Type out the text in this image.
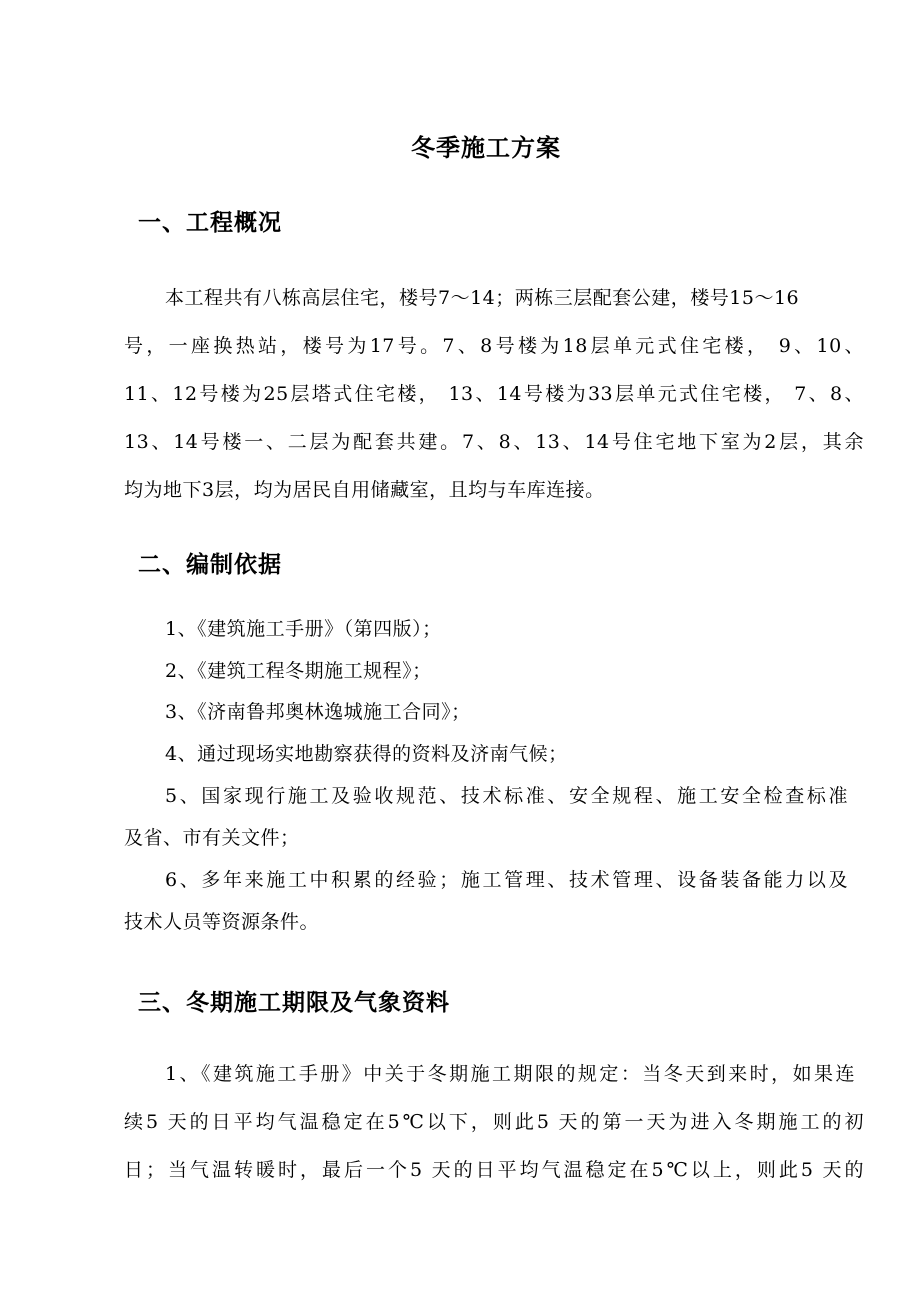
冬季施工方案
一、工程概况
本工程共有八栋高层住宅，楼号7～14；两栋三层配套公建，楼号15～16
号，一座换热站，楼号为17号。7、8号楼为18层单元式住宅楼， 9、10、
11、12号楼为25层塔式住宅楼， 13、14号楼为33层单元式住宅楼， 7、8、
13、14号楼一、二层为配套共建。7、8、13、14号住宅地下室为2层，其余
均为地下3层，均为居民自用储藏室，且均与车库连接。
二、编制依据
1、《建筑施工手册》（第四版）；
2、《建筑工程冬期施工规程》；
3、《济南鲁邦奥林逸城施工合同》；
4、通过现场实地勘察获得的资料及济南气候；
5、国家现行施工及验收规范、技术标准、安全规程、施工安全检查标准
及省、市有关文件；
6、多年来施工中积累的经验；施工管理、技术管理、设备装备能力以及
技术人员等资源条件。
三、冬期施工期限及气象资料
1、《建筑施工手册》中关于冬期施工期限的规定：当冬天到来时，如果连
续5 天的日平均气温稳定在5℃以下，则此5 天的第一天为进入冬期施工的初
日；当气温转暖时，最后一个5 天的日平均气温稳定在5℃以上，则此5 天的
